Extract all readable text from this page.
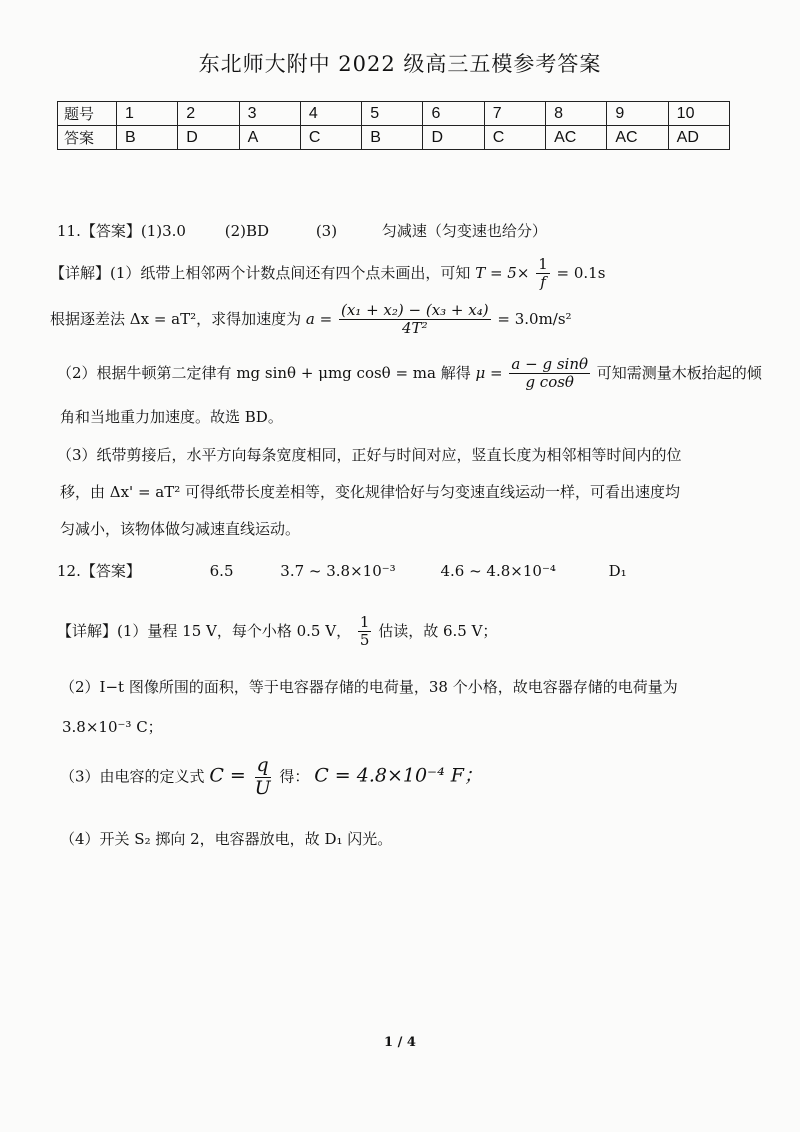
东北师大附中 2022 级高三五模参考答案
题号	1	2	3	4	5	6	7	8	9	10
答案	B	D	A	C	B	D	C	AC	AC	AD
11.【答案】(1)3.0	(2)BD	(3)	匀减速（匀变速也给分）
【详解】(1）纸带上相邻两个计数点间还有四个点未画出，可知 $T = 5\times \frac{1}{f} = 0.1s$
根据逐差法 Δx = aT²，求得加速度为 $a = \frac{\text{(x₁ + x₂) − (x₃ + x₄)}}{\text{4T²}} = 3.0m/s^2$
（2）根据牛顿第二定律有 mg sinθ + μmg cosθ = ma 解得 $\mu = \frac{\text{a − g sinθ}}{\text{g cosθ}}$ 可知需测量木板抬起的倾
角和当地重力加速度。故选 BD。
（3）纸带剪接后，水平方向每条宽度相同，正好与时间对应，竖直长度为相邻相等时间内的位
移，由 Δx' = aT² 可得纸带长度差相等，变化规律恰好与匀变速直线运动一样，可看出速度均
匀减小，该物体做匀减速直线运动。
12.【答案】	6.5	3.7 ~ 3.8×10⁻³	4.6 ~ 4.8×10⁻⁴	D₁
【详解】(1）量程 15 V，每个小格 0.5 V， $\frac{1}{5}$ 估读，故 6.5 V；
（2）I−t 图像所围的面积，等于电容器存储的电荷量，38 个小格，故电容器存储的电荷量为
3.8×10⁻³ C；
（3）由电容的定义式 $C = \frac{q}{U}$ 得： C = 4.8×10⁻⁴ F；
（4）开关 S₂ 掷向 2，电容器放电，故 D₁ 闪光。
1 / 4
